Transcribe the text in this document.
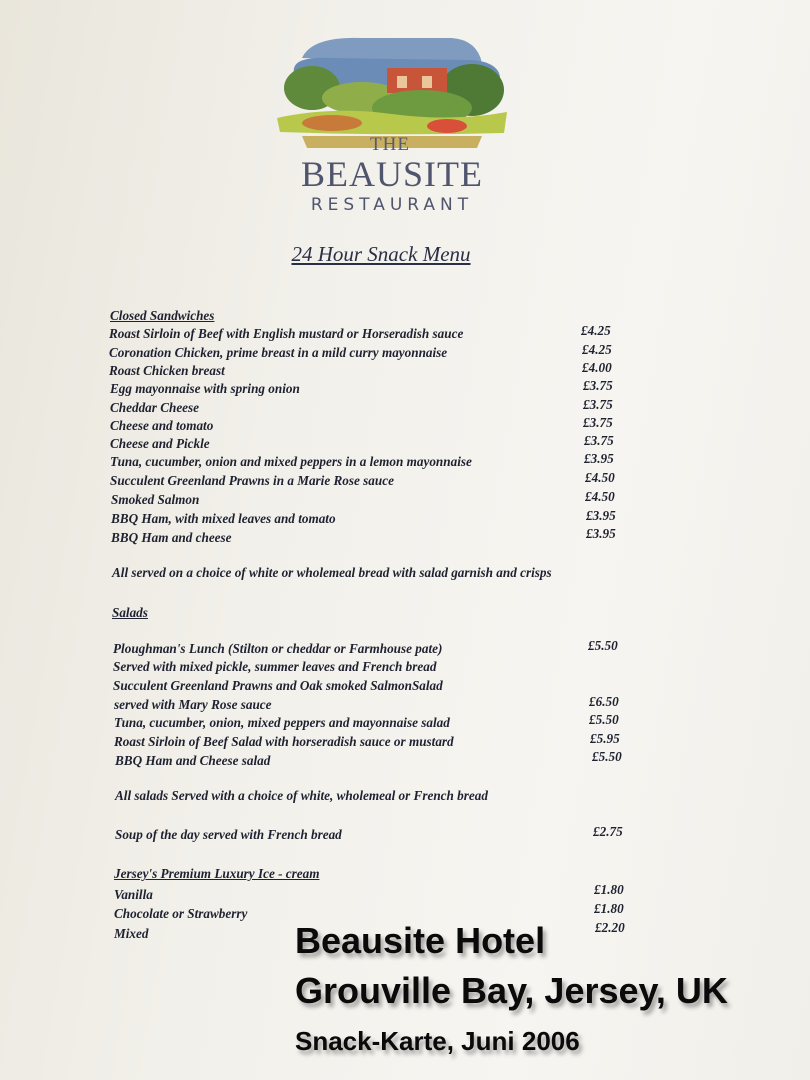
THE
BEAUSITE
RESTAURANT
24 Hour Snack Menu
Closed Sandwiches
Roast Sirloin of Beef with English mustard or Horseradish sauce	£4.25
Coronation Chicken, prime breast in a mild curry mayonnaise	£4.25
Roast Chicken breast	£4.00
Egg mayonnaise with spring onion	£3.75
Cheddar Cheese	£3.75
Cheese and tomato	£3.75
Cheese and Pickle	£3.75
Tuna, cucumber, onion and mixed peppers in a lemon mayonnaise	£3.95
Succulent Greenland Prawns in a Marie Rose sauce	£4.50
Smoked Salmon	£4.50
BBQ Ham, with mixed leaves and tomato	£3.95
BBQ Ham and cheese	£3.95
All served on a choice of white or wholemeal bread with salad garnish and crisps
Salads
Ploughman's Lunch (Stilton or cheddar or Farmhouse pate)	£5.50
Served with mixed pickle, summer leaves and French bread
Succulent Greenland Prawns and Oak smoked SalmonSalad
served with Mary Rose sauce	£6.50
Tuna, cucumber, onion, mixed peppers and mayonnaise salad	£5.50
Roast Sirloin of Beef Salad with horseradish sauce or mustard	£5.95
BBQ Ham and Cheese salad	£5.50
All salads Served with a choice of white, wholemeal or French bread
Soup of the day served with French bread	£2.75
Jersey's Premium Luxury Ice - cream
Vanilla	£1.80
Chocolate or Strawberry	£1.80
Mixed	£2.20
Beausite Hotel
Grouville Bay, Jersey, UK
Snack-Karte, Juni 2006
